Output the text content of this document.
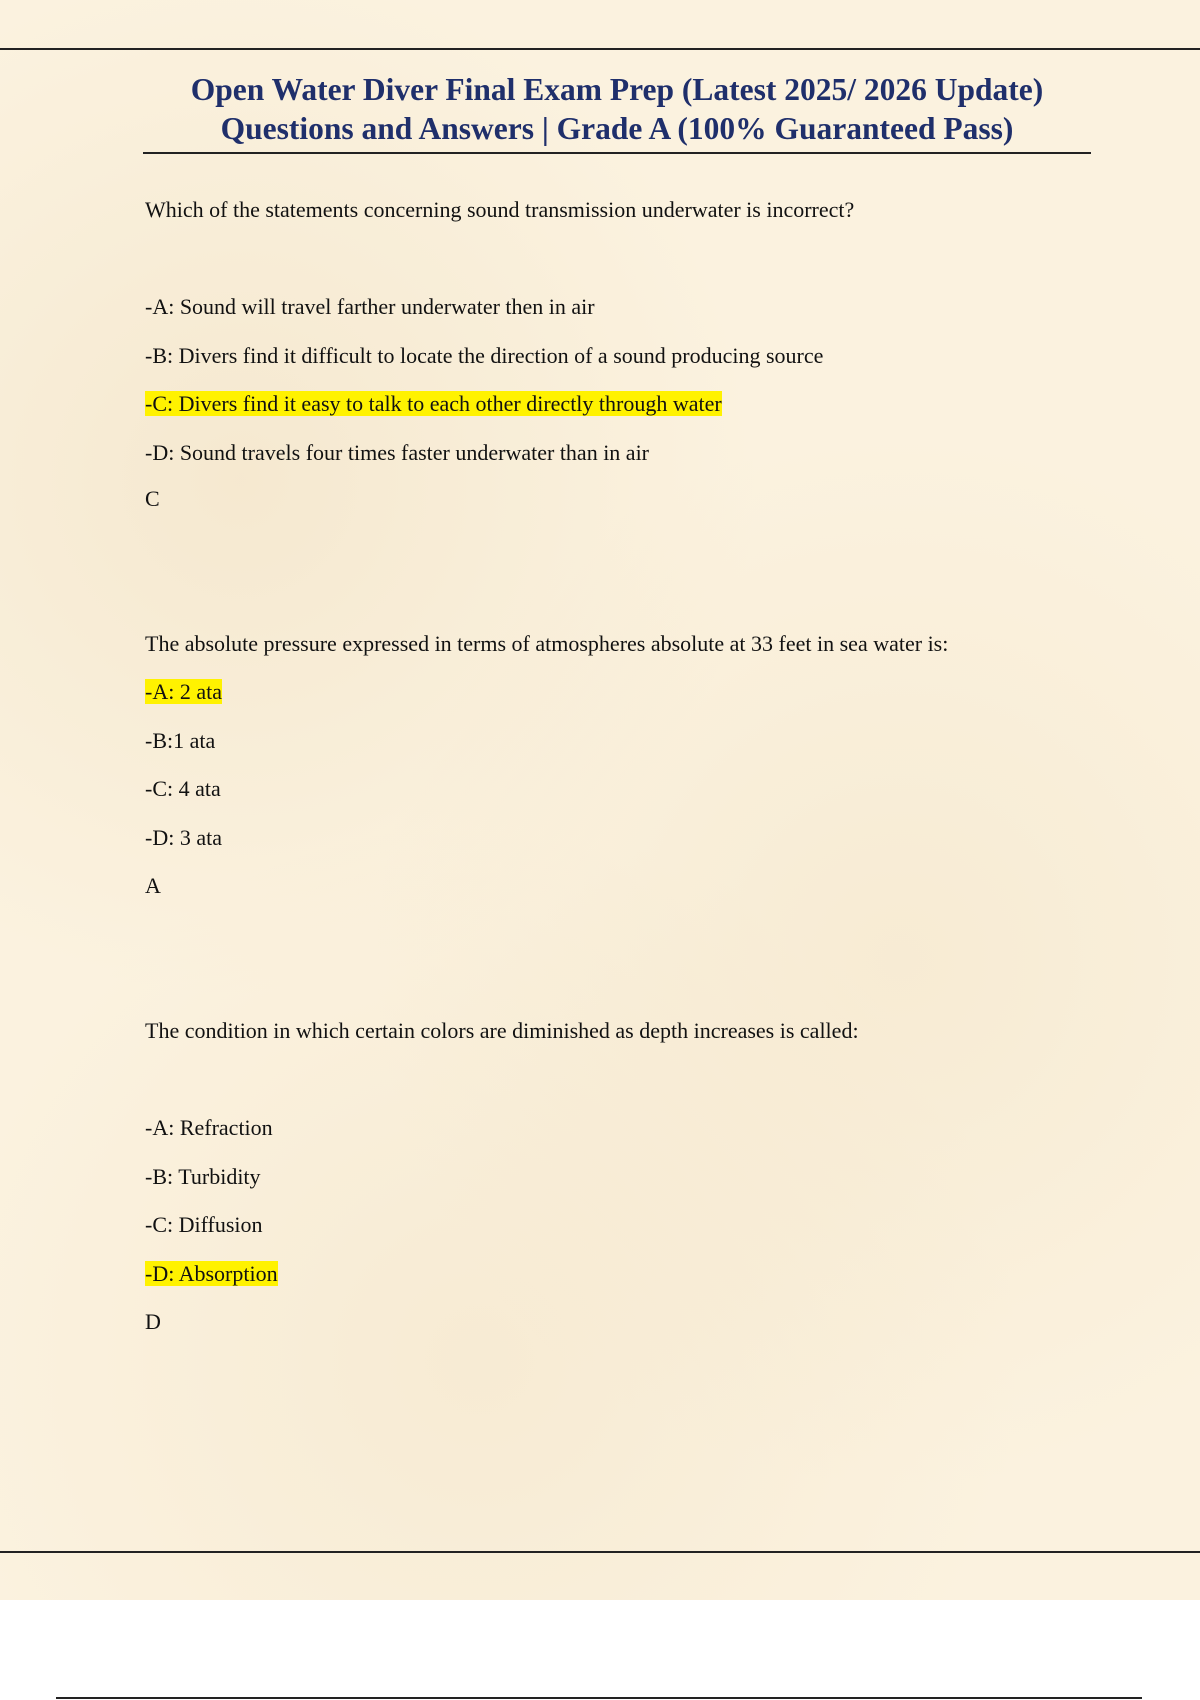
Open Water Diver Final Exam Prep (Latest 2025/ 2026 Update)
Questions and Answers | Grade A (100% Guaranteed Pass)

Which of the statements concerning sound transmission underwater is incorrect?

-A: Sound will travel farther underwater then in air
-B: Divers find it difficult to locate the direction of a sound producing source
-C: Divers find it easy to talk to each other directly through water
-D: Sound travels four times faster underwater than in air

C

The absolute pressure expressed in terms of atmospheres absolute at 33 feet in sea water is:

-A: 2 ata
-B:1 ata
-C: 4 ata
-D: 3 ata

A

The condition in which certain colors are diminished as depth increases is called:

-A: Refraction
-B: Turbidity
-C: Diffusion
-D: Absorption

D
